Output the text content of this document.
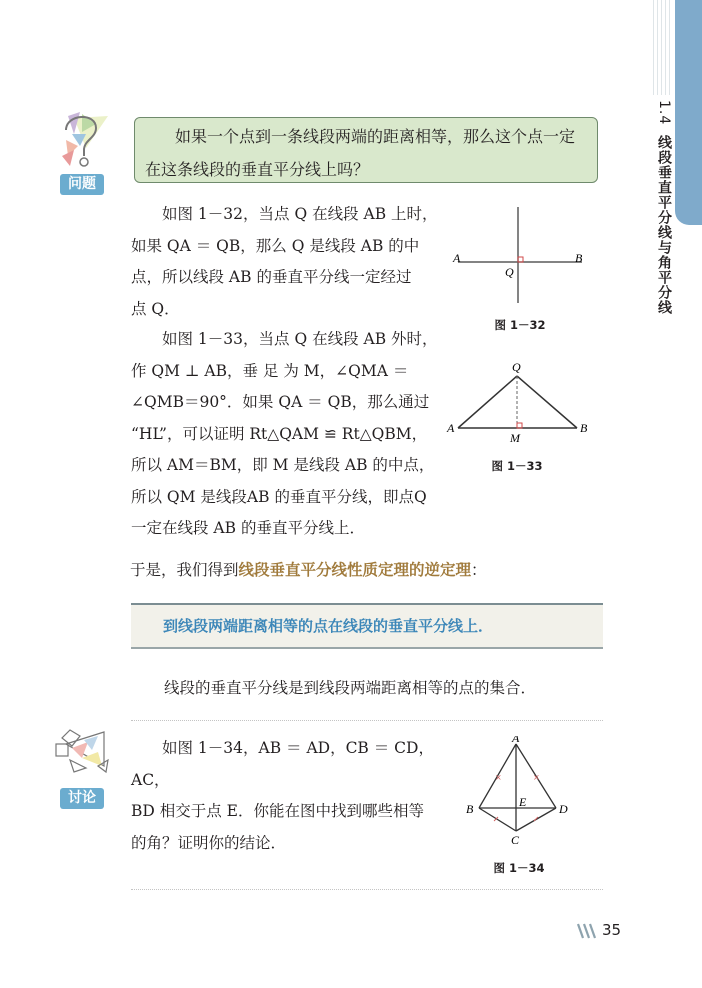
1.4线段垂直平分线与角平分线
问题
如果一个点到一条线段两端的距离相等，那么这个点一定
在这条线段的垂直平分线上吗？

如图 1－32，当点 Q 在线段 AB 上时，

如果 QA ＝ QB，那么 Q 是线段 AB 的中

点，所以线段 AB 的垂直平分线一定经过

点 Q．

A	B
Q
图 1－32

如图 1－33，当点 Q 在线段 AB 外时，

作 QM ⊥ AB，垂 足 为 M，∠QMA ＝

∠QMB＝90°．如果 QA ＝ QB，那么通过

“HL”，可以证明 Rt△QAM ≌ Rt△QBM，

所以 AM＝BM，即 M 是线段 AB 的中点，

所以 QM 是线段AB 的垂直平分线，即点Q

一定在线段 AB 的垂直平分线上．

Q
A	B
M
图 1－33
于是，我们得到线段垂直平分线性质定理的逆定理：
到线段两端距离相等的点在线段的垂直平分线上．
线段的垂直平分线是到线段两端距离相等的点的集合．
讨论

如图 1－34，AB ＝ AD，CB ＝ CD，AC，

BD 相交于点 E．你能在图中找到哪些相等

的角？证明你的结论．

×	×
A
B	E	D
C
图 1－34
35
